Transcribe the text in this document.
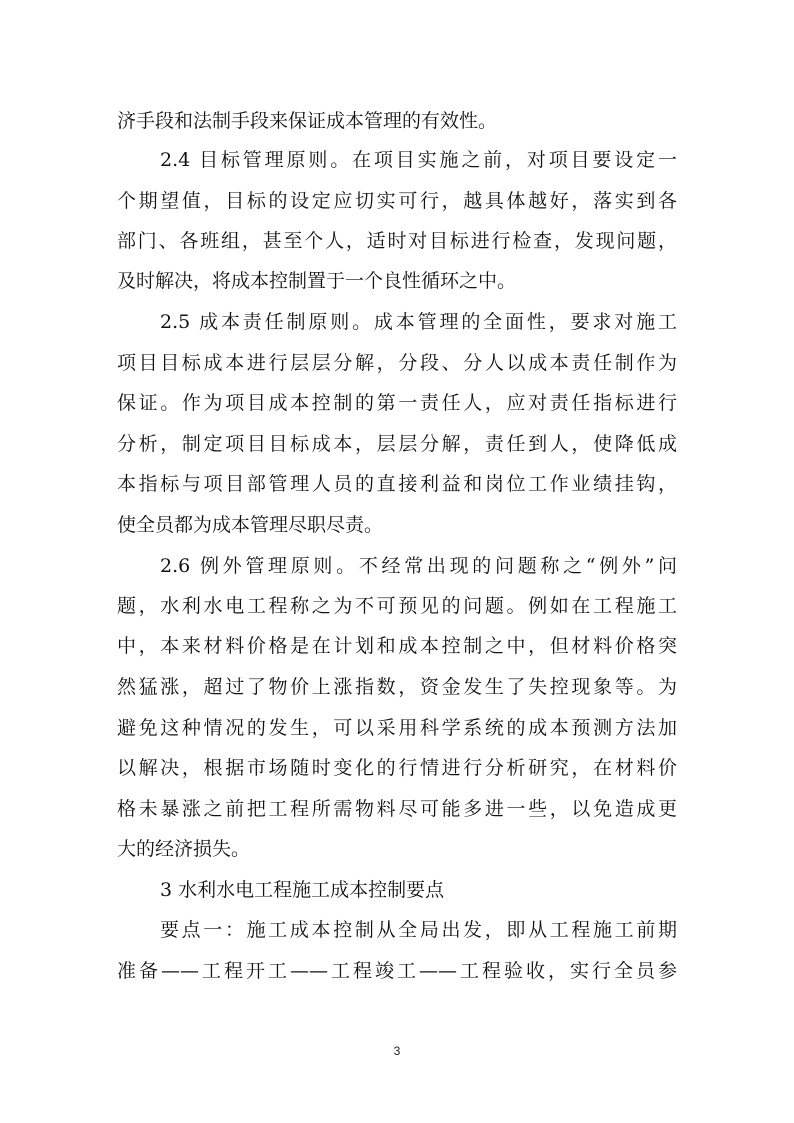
济手段和法制手段来保证成本管理的有效性。
2.4 目标管理原则。在项目实施之前，对项目要设定一
个期望值，目标的设定应切实可行，越具体越好，落实到各
部门、各班组，甚至个人，适时对目标进行检查，发现问题，
及时解决，将成本控制置于一个良性循环之中。
2.5 成本责任制原则。成本管理的全面性，要求对施工
项目目标成本进行层层分解，分段、分人以成本责任制作为
保证。作为项目成本控制的第一责任人，应对责任指标进行
分析，制定项目目标成本，层层分解，责任到人，使降低成
本指标与项目部管理人员的直接利益和岗位工作业绩挂钩，
使全员都为成本管理尽职尽责。
2.6 例外管理原则。不经常出现的问题称之“例外”问
题，水利水电工程称之为不可预见的问题。例如在工程施工
中，本来材料价格是在计划和成本控制之中，但材料价格突
然猛涨，超过了物价上涨指数，资金发生了失控现象等。为
避免这种情况的发生，可以采用科学系统的成本预测方法加
以解决，根据市场随时变化的行情进行分析研究，在材料价
格未暴涨之前把工程所需物料尽可能多进一些，以免造成更
大的经济损失。
3 水利水电工程施工成本控制要点
要点一：施工成本控制从全局出发，即从工程施工前期
准备——工程开工——工程竣工——工程验收，实行全员参
3
